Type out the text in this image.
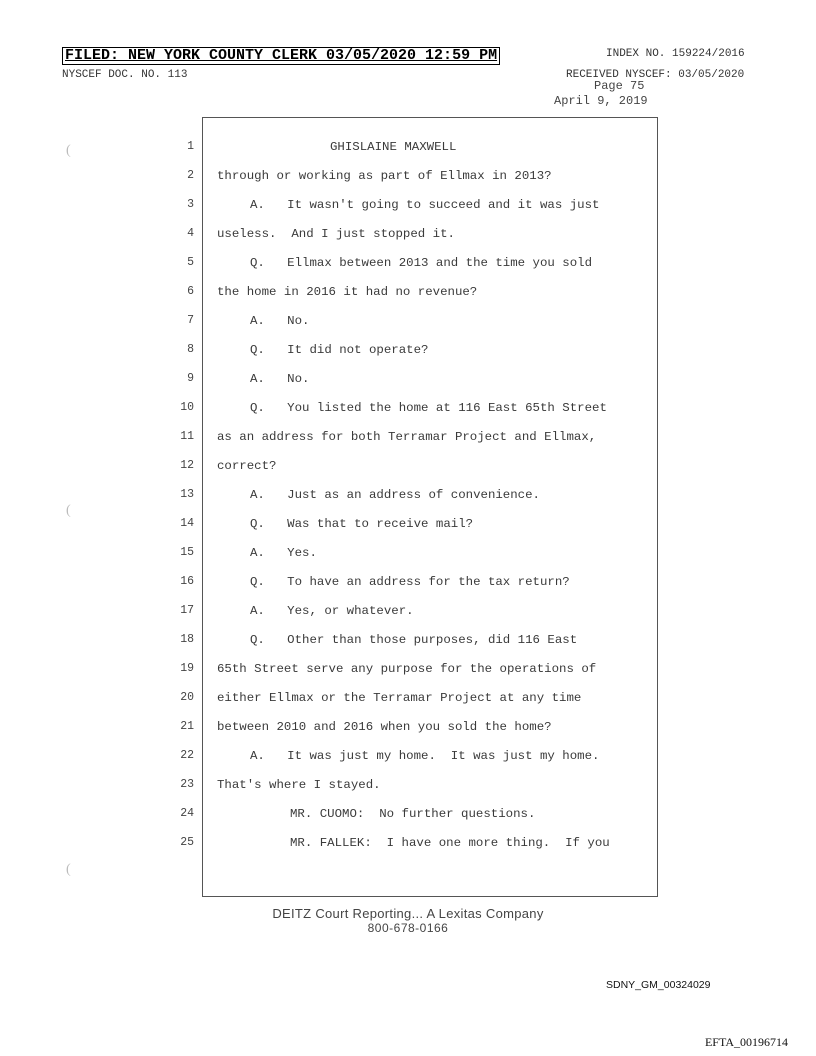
FILED: NEW YORK COUNTY CLERK 03/05/2020 12:59 PM	INDEX NO. 159224/2016
NYSCEF DOC. NO. 113	RECEIVED NYSCEF: 03/05/2020
Page 75
April 9, 2019
(
(
(
1	GHISLAINE MAXWELL
2 through or working as part of Ellmax in 2013?
3	A.   It wasn't going to succeed and it was just
4 useless.  And I just stopped it.
5	Q.   Ellmax between 2013 and the time you sold
6 the home in 2016 it had no revenue?
7	A.   No.
8	Q.   It did not operate?
9	A.   No.
10	Q.   You listed the home at 116 East 65th Street
11 as an address for both Terramar Project and Ellmax,
12 correct?
13	A.   Just as an address of convenience.
14	Q.   Was that to receive mail?
15	A.   Yes.
16	Q.   To have an address for the tax return?
17	A.   Yes, or whatever.
18	Q.   Other than those purposes, did 116 East
19 65th Street serve any purpose for the operations of
20 either Ellmax or the Terramar Project at any time
21 between 2010 and 2016 when you sold the home?
22	A.   It was just my home.  It was just my home.
23 That's where I stayed.
24	MR. CUOMO:  No further questions.
25	MR. FALLEK:  I have one more thing.  If you
DEITZ Court Reporting... A Lexitas Company
800-678-0166
SDNY_GM_00324029
EFTA_00196714
